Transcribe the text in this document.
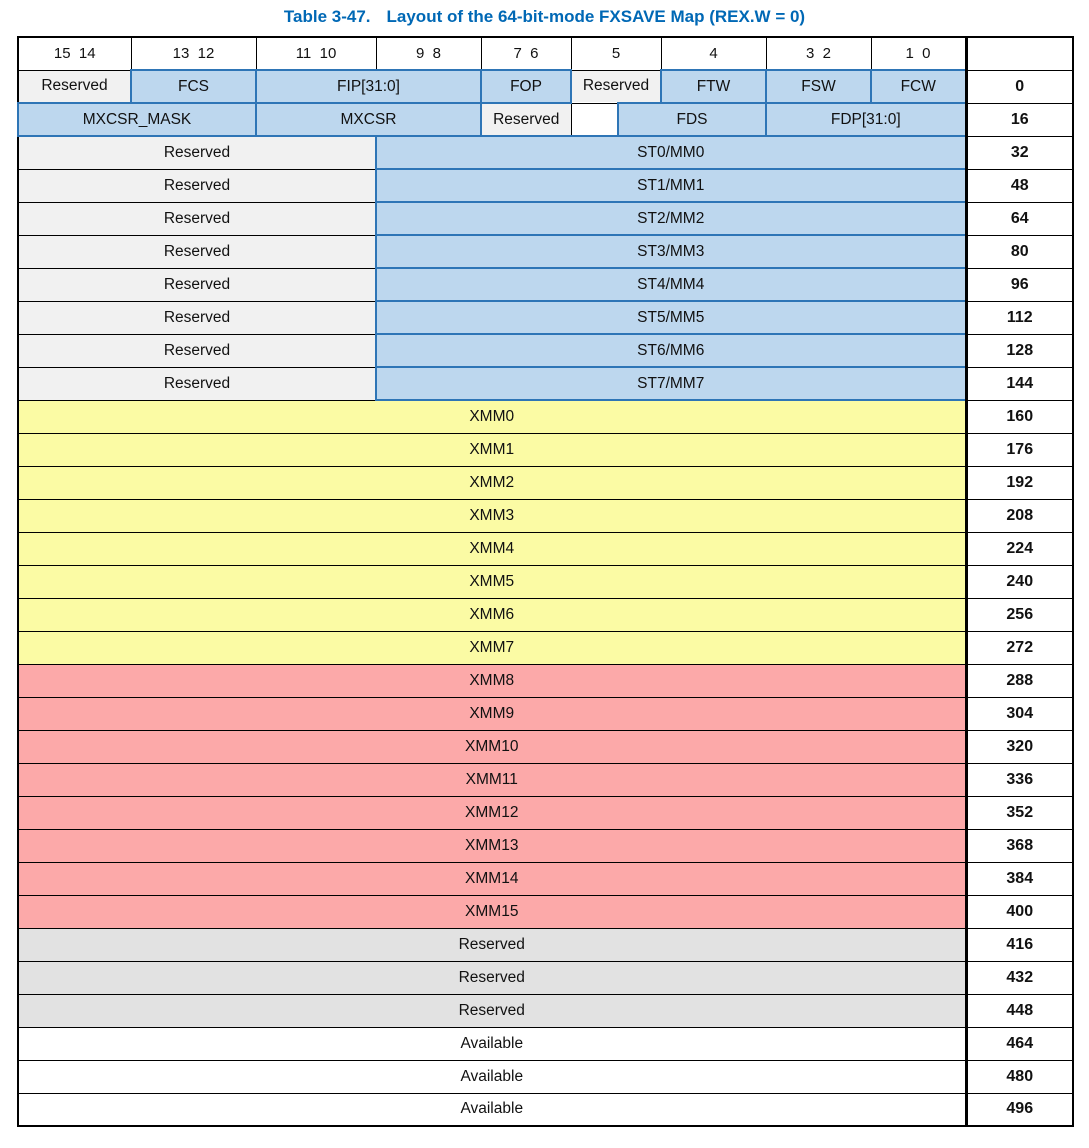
Table 3-47. Layout of the 64-bit-mode FXSAVE Map (REX.W = 0)
15  14	13  12	11  10	9  8	7  6	5		4	3  2	1  0	
Reserved	FCS	FIP[31:0]		FOP	Reserved		FTW	FSW	FCW	0
MXCSR_MASK		MXCSR		Reserved		FDS		FDP[31:0]		16
Reserved			ST0/MM0							32
Reserved			ST1/MM1							48
Reserved			ST2/MM2							64
Reserved			ST3/MM3							80
Reserved			ST4/MM4							96
Reserved			ST5/MM5							112
Reserved			ST6/MM6							128
Reserved			ST7/MM7							144
XMM0										160
XMM1										176
XMM2										192
XMM3										208
XMM4										224
XMM5										240
XMM6										256
XMM7										272
XMM8										288
XMM9										304
XMM10										320
XMM11										336
XMM12										352
XMM13										368
XMM14										384
XMM15										400
Reserved										416
Reserved										432
Reserved										448
Available										464
Available										480
Available										496
